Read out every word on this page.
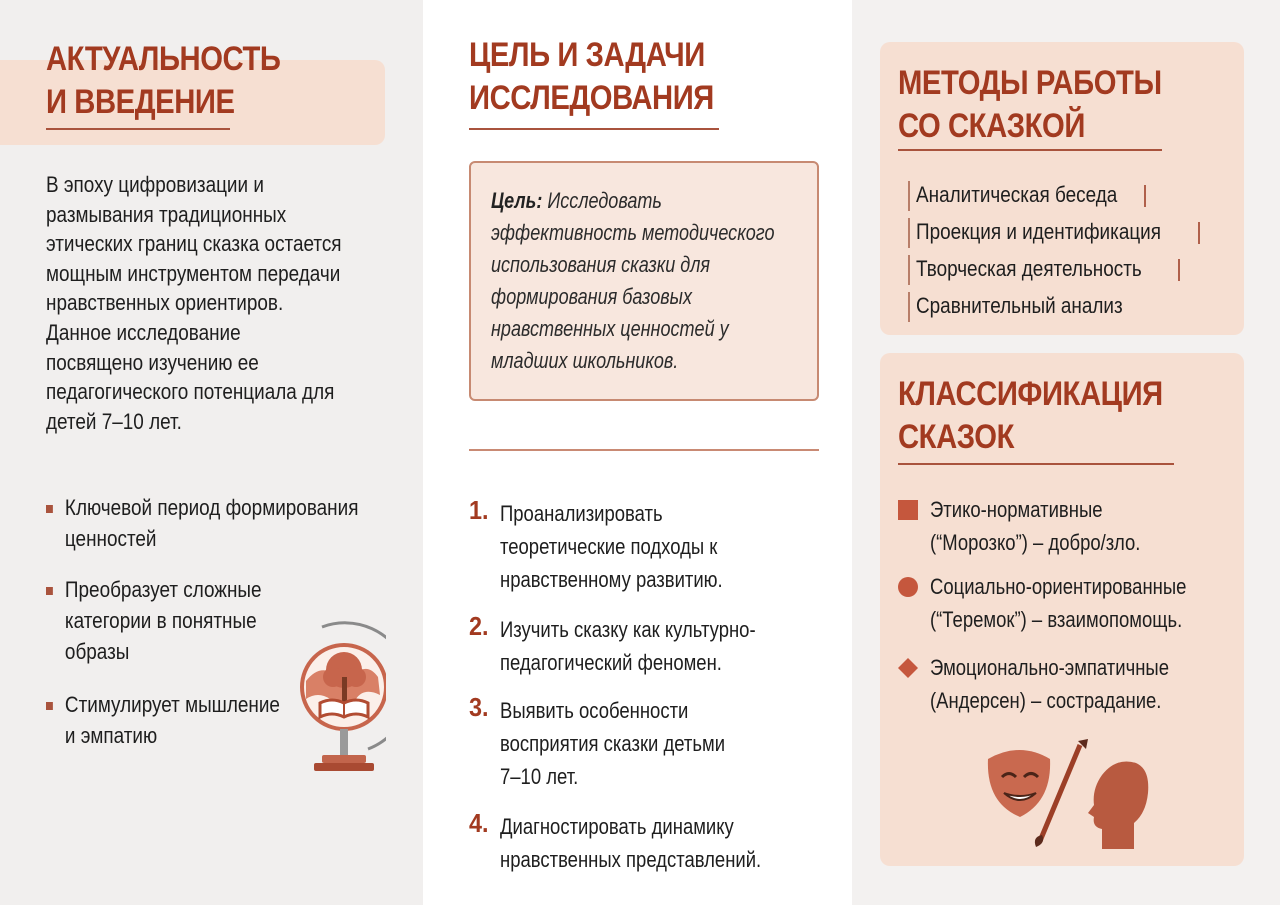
АКТУАЛЬНОСТЬ
И ВВЕДЕНИЕ

В эпоху цифровизации и

размывания традиционных

этических границ сказка остается

мощным инструментом передачи

нравственных ориентиров.

Данное исследование

посвящено изучению ее

педагогического потенциала для

детей 7–10 лет.

Ключевой период формирования
ценностей
Преобразует сложные
категории в понятные
образы
Стимулирует мышление
и эмпатию
ЦЕЛЬ И ЗАДАЧИ
ИССЛЕДОВАНИЯ
Цель: Исследовать
эффективность методического
использования сказки для
формирования базовых
нравственных ценностей у
младших школьников.
1. Проанализировать
теоретические подходы к
нравственному развитию.
2. Изучить сказку как культурно-
педагогический феномен.
3. Выявить особенности
восприятия сказки детьми
7–10 лет.
4. Диагностировать динамику
нравственных представлений.
МЕТОДЫ РАБОТЫ
СО СКАЗКОЙ
Аналитическая беседа
Проекция и идентификация
Творческая деятельность
Сравнительный анализ
КЛАССИФИКАЦИЯ
СКАЗОК
Этико-нормативные
(“Морозко”) – добро/зло.
Социально-ориентированные
(“Теремок”) – взаимопомощь.
Эмоционально-эмпатичные
(Андерсен) – сострадание.
